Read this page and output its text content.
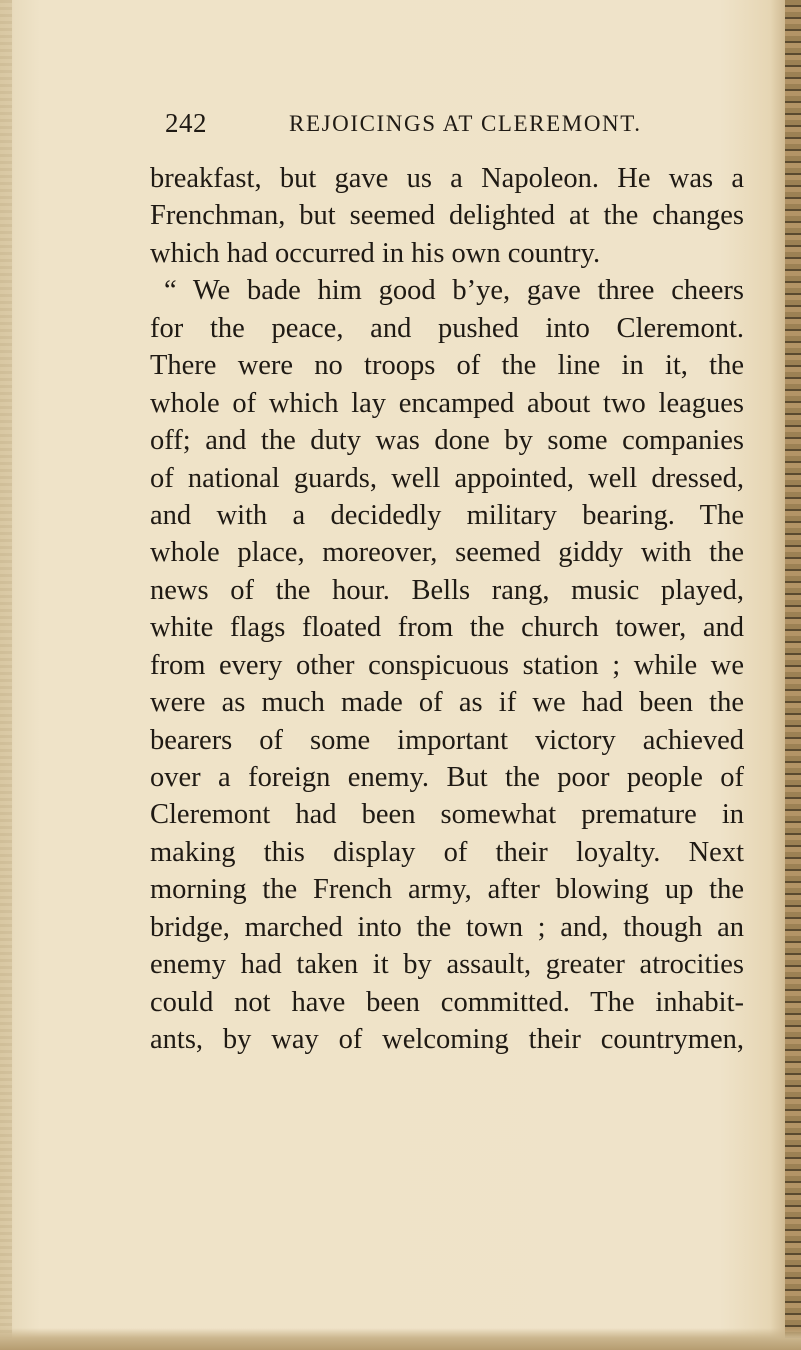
242	REJOICINGS AT CLEREMONT.
breakfast, but gave us a Napoleon. He was a
Frenchman, but seemed delighted at the changes
which had occurred in his own country.
“ We bade him good b’ye, gave three cheers
for the peace, and pushed into Cleremont.
There were no troops of the line in it, the
whole of which lay encamped about two leagues
off; and the duty was done by some companies
of national guards, well appointed, well dressed,
and with a decidedly military bearing. The
whole place, moreover, seemed giddy with the
news of the hour. Bells rang, music played,
white flags floated from the church tower, and
from every other conspicuous station ; while we
were as much made of as if we had been the
bearers of some important victory achieved
over a foreign enemy. But the poor people of
Cleremont had been somewhat premature in
making this display of their loyalty. Next
morning the French army, after blowing up the
bridge, marched into the town ; and, though an
enemy had taken it by assault, greater atrocities
could not have been committed. The inhabit-
ants, by way of welcoming their countrymen,
